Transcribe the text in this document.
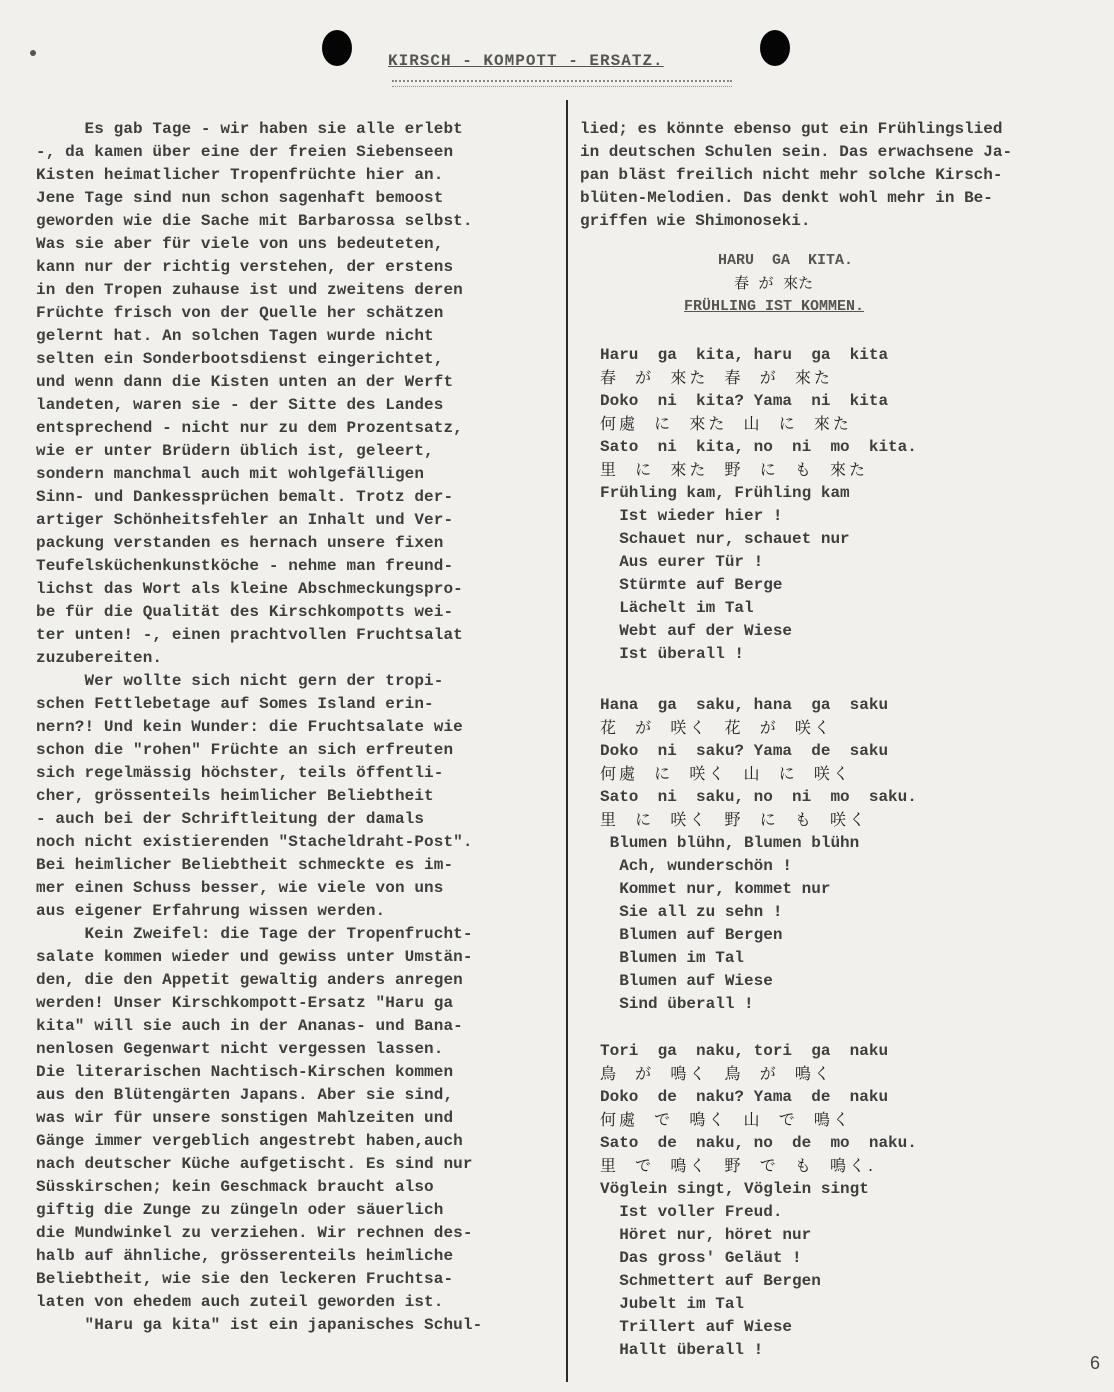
KIRSCH - KOMPOTT - ERSATZ.
Es gab Tage - wir haben sie alle erlebt
-, da kamen über eine der freien Siebenseen
Kisten heimatlicher Tropenfrüchte hier an.
Jene Tage sind nun schon sagenhaft bemoost
geworden wie die Sache mit Barbarossa selbst.
Was sie aber für viele von uns bedeuteten,
kann nur der richtig verstehen, der erstens
in den Tropen zuhause ist und zweitens deren
Früchte frisch von der Quelle her schätzen
gelernt hat. An solchen Tagen wurde nicht
selten ein Sonderbootsdienst eingerichtet,
und wenn dann die Kisten unten an der Werft
landeten, waren sie - der Sitte des Landes
entsprechend - nicht nur zu dem Prozentsatz,
wie er unter Brüdern üblich ist, geleert,
sondern manchmal auch mit wohlgefälligen
Sinn- und Dankessprüchen bemalt. Trotz der-
artiger Schönheitsfehler an Inhalt und Ver-
packung verstanden es hernach unsere fixen
Teufelsküchenkunstköche - nehme man freund-
lichst das Wort als kleine Abschmeckungspro-
be für die Qualität des Kirschkompotts wei-
ter unten! -, einen prachtvollen Fruchtsalat
zuzubereiten.
Wer wollte sich nicht gern der tropi-
schen Fettlebetage auf Somes Island erin-
nern?! Und kein Wunder: die Fruchtsalate wie
schon die "rohen" Früchte an sich erfreuten
sich regelmässig höchster, teils öffentli-
cher, grössenteils heimlicher Beliebtheit
- auch bei der Schriftleitung der damals
noch nicht existierenden "Stacheldraht-Post".
Bei heimlicher Beliebtheit schmeckte es im-
mer einen Schuss besser, wie viele von uns
aus eigener Erfahrung wissen werden.
Kein Zweifel: die Tage der Tropenfrucht-
salate kommen wieder und gewiss unter Umstän-
den, die den Appetit gewaltig anders anregen
werden! Unser Kirschkompott-Ersatz "Haru ga
kita" will sie auch in der Ananas- und Bana-
nenlosen Gegenwart nicht vergessen lassen.
Die literarischen Nachtisch-Kirschen kommen
aus den Blütengärten Japans. Aber sie sind,
was wir für unsere sonstigen Mahlzeiten und
Gänge immer vergeblich angestrebt haben,auch
nach deutscher Küche aufgetischt. Es sind nur
Süsskirschen; kein Geschmack braucht also
giftig die Zunge zu züngeln oder säuerlich
die Mundwinkel zu verziehen. Wir rechnen des-
halb auf ähnliche, grösserenteils heimliche
Beliebtheit, wie sie den leckeren Fruchtsa-
laten von ehedem auch zuteil geworden ist.
"Haru ga kita" ist ein japanisches Schul-
lied; es könnte ebenso gut ein Frühlingslied
in deutschen Schulen sein. Das erwachsene Ja-
pan bläst freilich nicht mehr solche Kirsch-
blüten-Melodien. Das denkt wohl mehr in Be-
griffen wie Shimonoseki.
HARU  GA  KITA.
春  が  來た
FRÜHLING IST KOMMEN.
Haru  ga  kita, haru  ga  kita
春  が  來た  春  が  來た
Doko  ni  kita? Yama  ni  kita
何處  に  來た  山  に  來た
Sato  ni  kita, no  ni  mo  kita.
里  に  來た  野  に  も  來た
Frühling kam, Frühling kam
Ist wieder hier !
Schauet nur, schauet nur
Aus eurer Tür !
Stürmte auf Berge
Lächelt im Tal
Webt auf der Wiese
Ist überall !
Hana  ga  saku, hana  ga  saku
花  が  咲く  花  が  咲く
Doko  ni  saku? Yama  de  saku
何處  に  咲く  山  に  咲く
Sato  ni  saku, no  ni  mo  saku.
里  に  咲く  野  に  も  咲く
Blumen blühn, Blumen blühn
Ach, wunderschön !
Kommet nur, kommet nur
Sie all zu sehn !
Blumen auf Bergen
Blumen im Tal
Blumen auf Wiese
Sind überall !
Tori  ga  naku, tori  ga  naku
鳥  が  鳴く  鳥  が  鳴く
Doko  de  naku? Yama  de  naku
何處  で  鳴く  山  で  鳴く
Sato  de  naku, no  de  mo  naku.
里  で  鳴く  野  で  も  鳴く.
Vöglein singt, Vöglein singt
Ist voller Freud.
Höret nur, höret nur
Das gross' Geläut !
Schmettert auf Bergen
Jubelt im Tal
Trillert auf Wiese
Hallt überall !
6
